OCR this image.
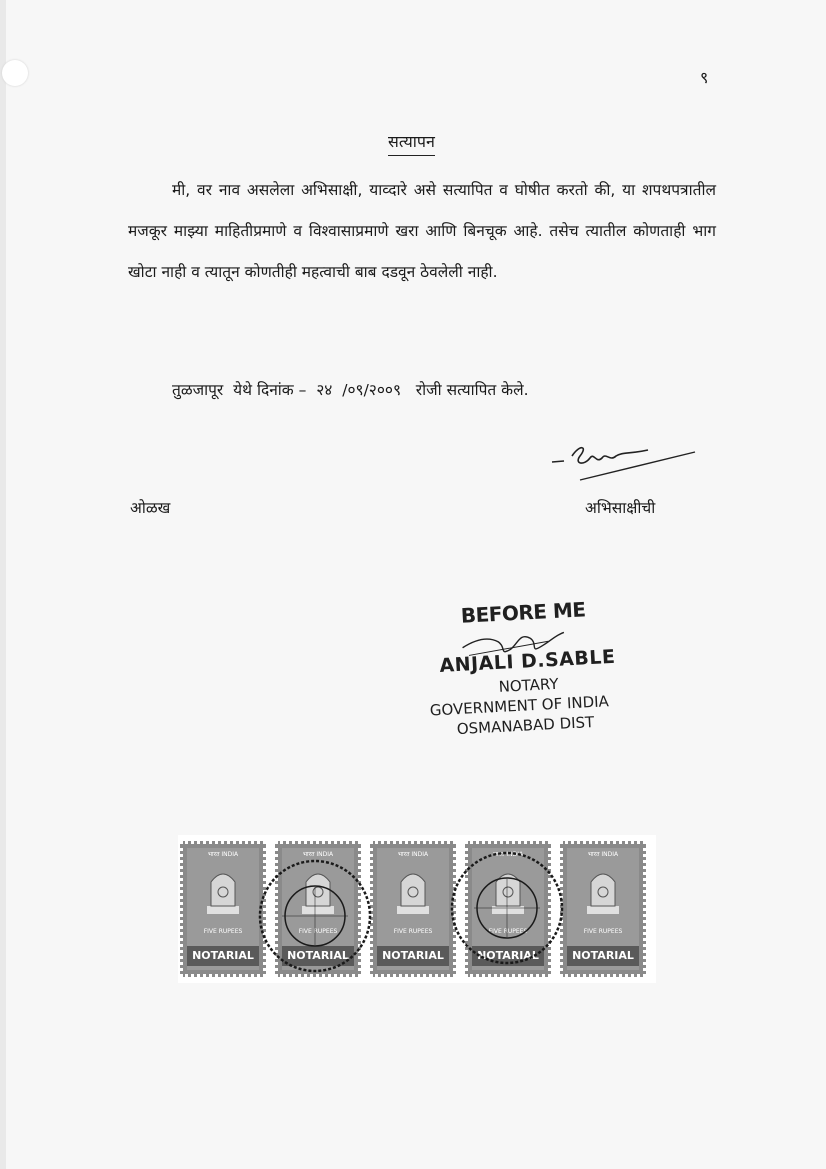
९
सत्यापन

मी, वर नाव असलेला अभिसाक्षी, याव्दारे असे सत्यापित व घोषीत करतो की, या शपथपत्रातील मजकूर माझ्या माहितीप्रमाणे व विश्वासाप्रमाणे खरा आणि बिनचूक आहे. तसेच त्यातील कोणताही भाग खोटा नाही व त्यातून कोणतीही महत्वाची बाब दडवून ठेवलेली नाही.

तुळजापूर  येथे दिनांक –  २४  /०९/२००९   रोजी सत्यापित केले.
अभिसाक्षीची
ओळख
BEFORE ME
ANJALI D.SABLE
NOTARY
GOVERNMENT OF INDIA
OSMANABAD DIST
भारत INDIA
FIVE RUPEES
NOTARIAL
भारत INDIA
FIVE RUPEES
NOTARIAL
भारत INDIA
FIVE RUPEES
NOTARIAL
भारत INDIA
FIVE RUPEES
NOTARIAL
भारत INDIA
FIVE RUPEES
NOTARIAL
